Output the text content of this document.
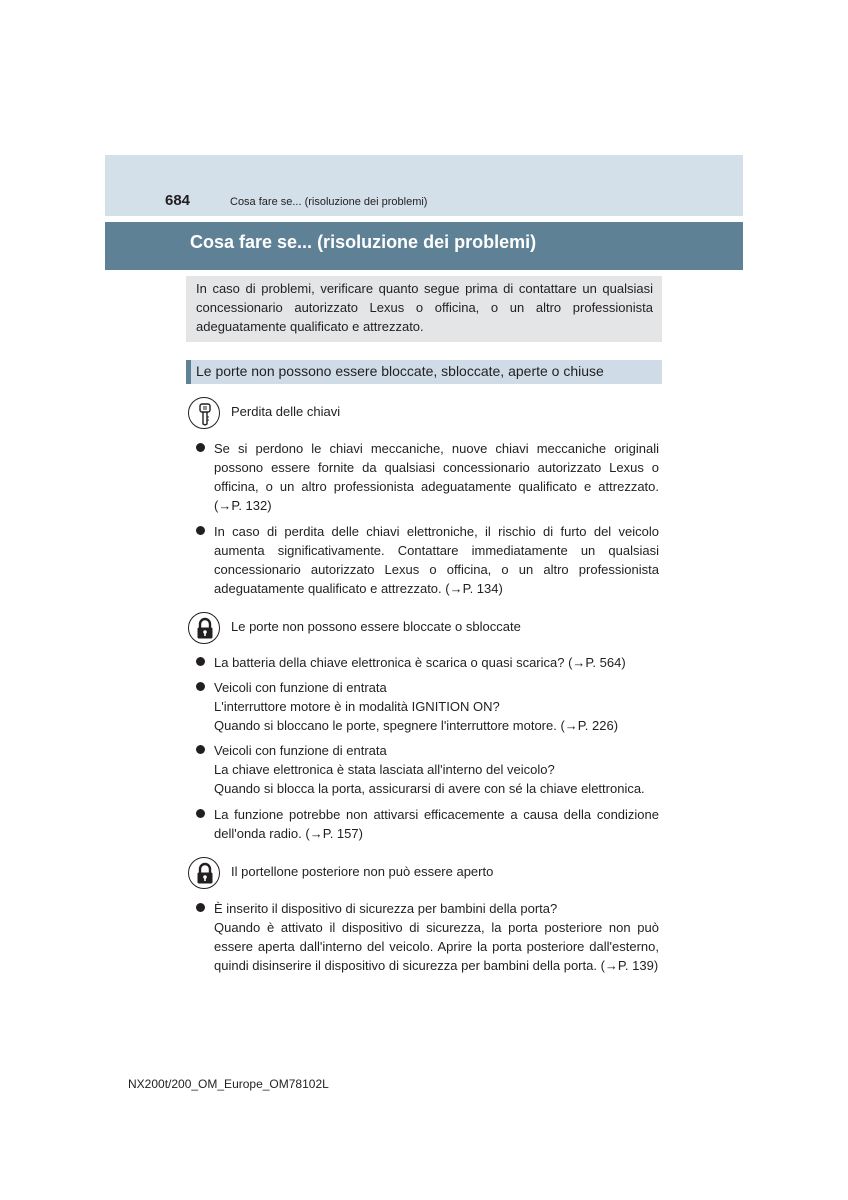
684	Cosa fare se... (risoluzione dei problemi)
Cosa fare se... (risoluzione dei problemi)
In caso di problemi, verificare quanto segue prima di contattare un qualsiasi concessionario autorizzato Lexus o officina, o un altro professionista adeguatamente qualificato e attrezzato.
Le porte non possono essere bloccate, sbloccate, aperte o chiuse
Perdita delle chiavi
Se si perdono le chiavi meccaniche, nuove chiavi meccaniche originali
possono essere fornite da qualsiasi concessionario autorizzato Lexus o
officina, o un altro professionista adeguatamente qualificato e attrezzato.
(→P. 132)
In caso di perdita delle chiavi elettroniche, il rischio di furto del veicolo
aumenta significativamente. Contattare immediatamente un qualsiasi
concessionario autorizzato Lexus o officina, o un altro professionista
adeguatamente qualificato e attrezzato. (→P. 134)
Le porte non possono essere bloccate o sbloccate
La batteria della chiave elettronica è scarica o quasi scarica? (→P. 564)
Veicoli con funzione di entrata
L'interruttore motore è in modalità IGNITION ON?
Quando si bloccano le porte, spegnere l'interruttore motore. (→P. 226)
Veicoli con funzione di entrata
La chiave elettronica è stata lasciata all'interno del veicolo?
Quando si blocca la porta, assicurarsi di avere con sé la chiave elettronica.
La funzione potrebbe non attivarsi efficacemente a causa della condizione
dell'onda radio. (→P. 157)
Il portellone posteriore non può essere aperto
È inserito il dispositivo di sicurezza per bambini della porta?
Quando è attivato il dispositivo di sicurezza, la porta posteriore non può
essere aperta dall'interno del veicolo. Aprire la porta posteriore dall'esterno,
quindi disinserire il dispositivo di sicurezza per bambini della porta. (→P. 139)
NX200t/200_OM_Europe_OM78102L
